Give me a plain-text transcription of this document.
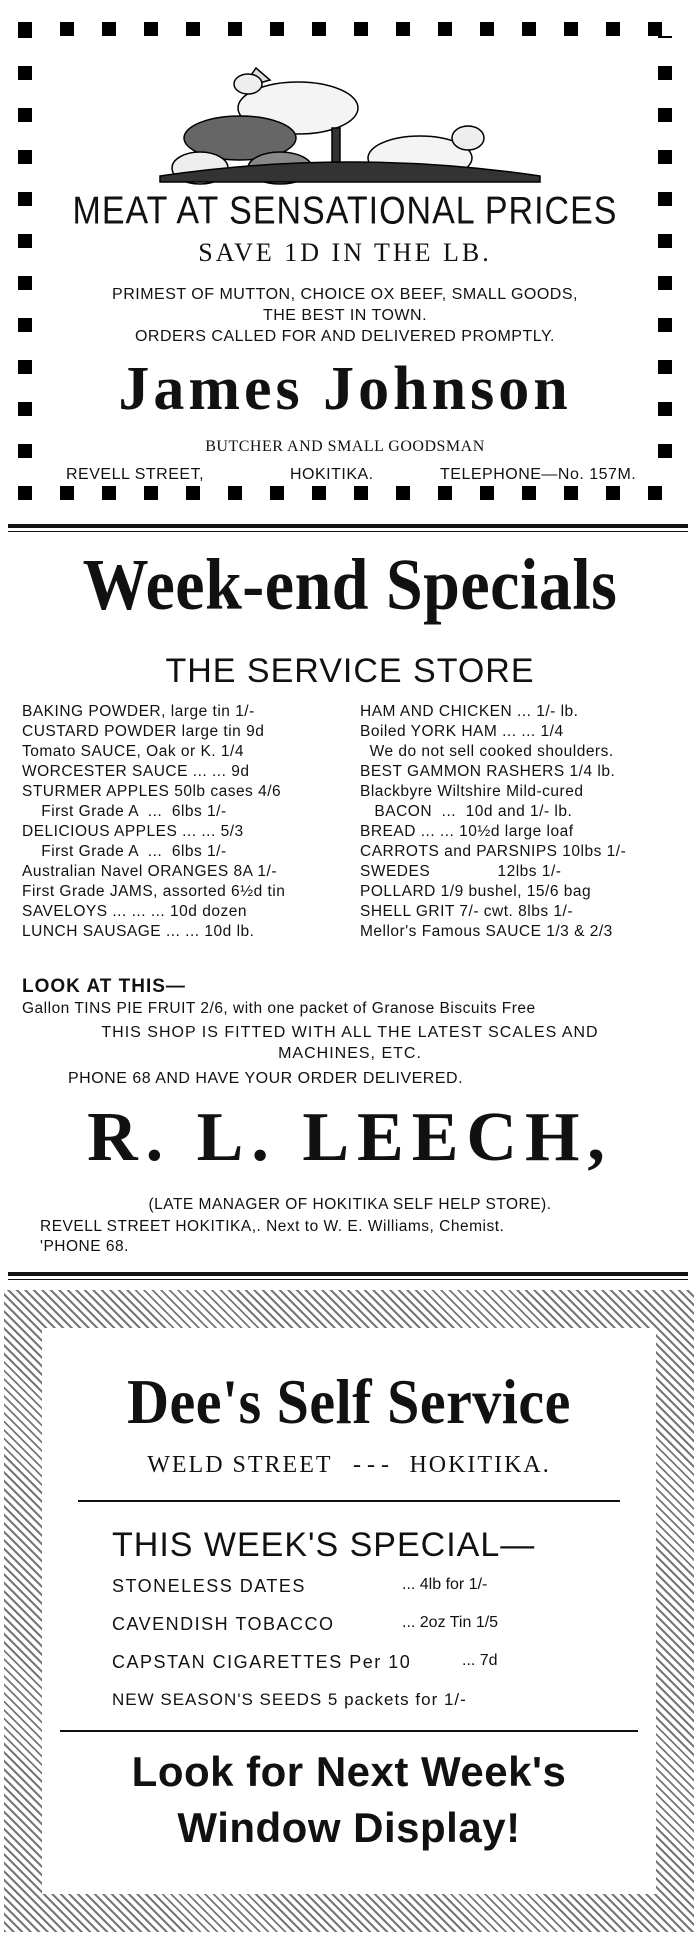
MEAT AT SENSATIONAL PRICES
SAVE 1D IN THE LB.
PRIMEST OF MUTTON, CHOICE OX BEEF, SMALL GOODS,
THE BEST IN TOWN.
ORDERS CALLED FOR AND DELIVERED PROMPTLY.
James Johnson
BUTCHER AND SMALL GOODSMAN
REVELL STREET,	HOKITIKA.	TELEPHONE—No. 157M.
Week-end Specials
THE SERVICE STORE
BAKING POWDER, large tin 1/-
CUSTARD POWDER large tin 9d
Tomato SAUCE, Oak or K. 1/4
WORCESTER SAUCE ... ... 9d
STURMER APPLES 50lb cases 4/6
First Grade A  ...  6lbs 1/-
DELICIOUS APPLES ... ... 5/3
First Grade A  ...  6lbs 1/-
Australian Navel ORANGES 8A 1/-
First Grade JAMS, assorted 6½d tin
SAVELOYS ... ... ... 10d dozen
LUNCH SAUSAGE ... ... 10d lb.
HAM AND CHICKEN ... 1/- lb.
Boiled YORK HAM ... ... 1/4
We do not sell cooked shoulders.
BEST GAMMON RASHERS 1/4 lb.
Blackbyre Wiltshire Mild-cured
BACON  ...  10d and 1/- lb.
BREAD ... ... 10½d large loaf
CARROTS and PARSNIPS 10lbs 1/-
SWEDES              12lbs 1/-
POLLARD 1/9 bushel, 15/6 bag
SHELL GRIT 7/- cwt. 8lbs 1/-
Mellor's Famous SAUCE 1/3 & 2/3
LOOK AT THIS—
Gallon TINS PIE FRUIT 2/6, with one packet of Granose Biscuits Free
THIS SHOP IS FITTED WITH ALL THE LATEST SCALES AND
MACHINES, ETC.
PHONE 68 AND HAVE YOUR ORDER DELIVERED.
R. L. LEECH,
(LATE MANAGER OF HOKITIKA SELF HELP STORE).
REVELL STREET HOKITIKA,. Next to W. E. Williams, Chemist.
'PHONE 68.
Dee's Self Service
WELD STREET - - - HOKITIKA.
THIS WEEK'S SPECIAL—
STONELESS DATES	... 4lb for 1/-
CAVENDISH TOBACCO	... 2oz Tin 1/5
CAPSTAN CIGARETTES Per 10	... 7d
NEW SEASON'S SEEDS 5 packets for 1/-
Look for Next Week's
Window Display!
